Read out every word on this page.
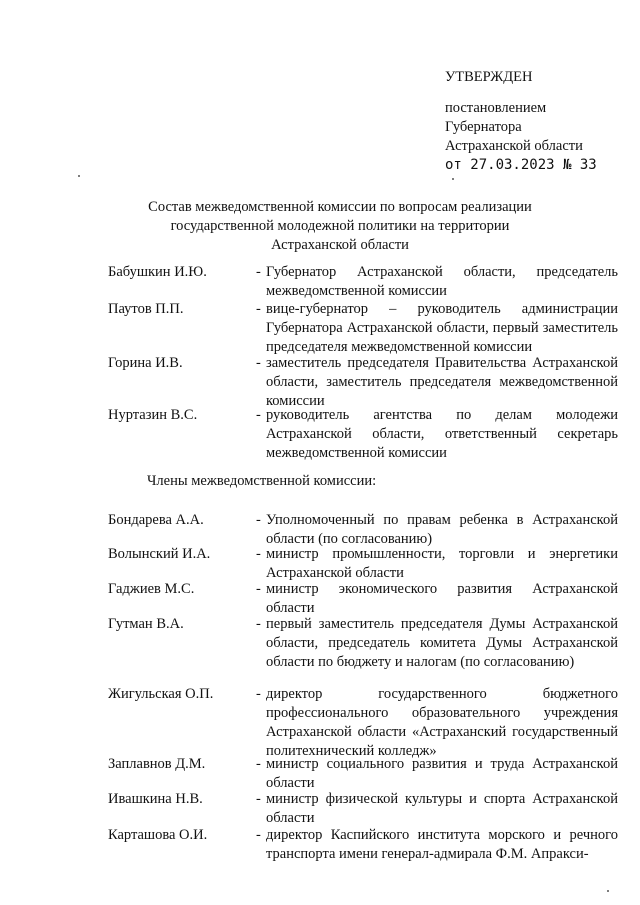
УТВЕРЖДЕН
постановлением
Губернатора
Астраханской области
от 27.03.2023 № 33
Состав межведомственной комиссии по вопросам реализации
государственной молодежной политики на территории
Астраханской области
Бабушкин И.Ю.	- Губернатор Астраханской области, председатель межведомственной комиссии
Паутов П.П.	- вице-губернатор – руководитель администрации Губернатора Астраханской области, первый заместитель председателя межведомственной комиссии
Горина И.В.	- заместитель председателя Правительства Астраханской области, заместитель председателя межведомственной комиссии
Нуртазин В.С.	- руководитель агентства по делам молодежи Астраханской области, ответственный секретарь межведомственной комиссии
Члены межведомственной комиссии:
Бондарева А.А.	- Уполномоченный по правам ребенка в Астраханской области (по согласованию)
Волынский И.А.	- министр промышленности, торговли и энергетики Астраханской области
Гаджиев М.С.	- министр экономического развития Астраханской области
Гутман В.А.	- первый заместитель председателя Думы Астраханской области, председатель комитета Думы Астраханской области по бюджету и налогам (по согласованию)
Жигульская О.П.	- директор государственного бюджетного профессионального образовательного учреждения Астраханской области «Астраханский государственный политехнический колледж»
Заплавнов Д.М.	- министр социального развития и труда Астраханской области
Ивашкина Н.В.	- министр физической культуры и спорта Астраханской области
Карташова О.И.	- директор Каспийского института морского и речного транспорта имени генерал-адмирала Ф.М. Апракси-
